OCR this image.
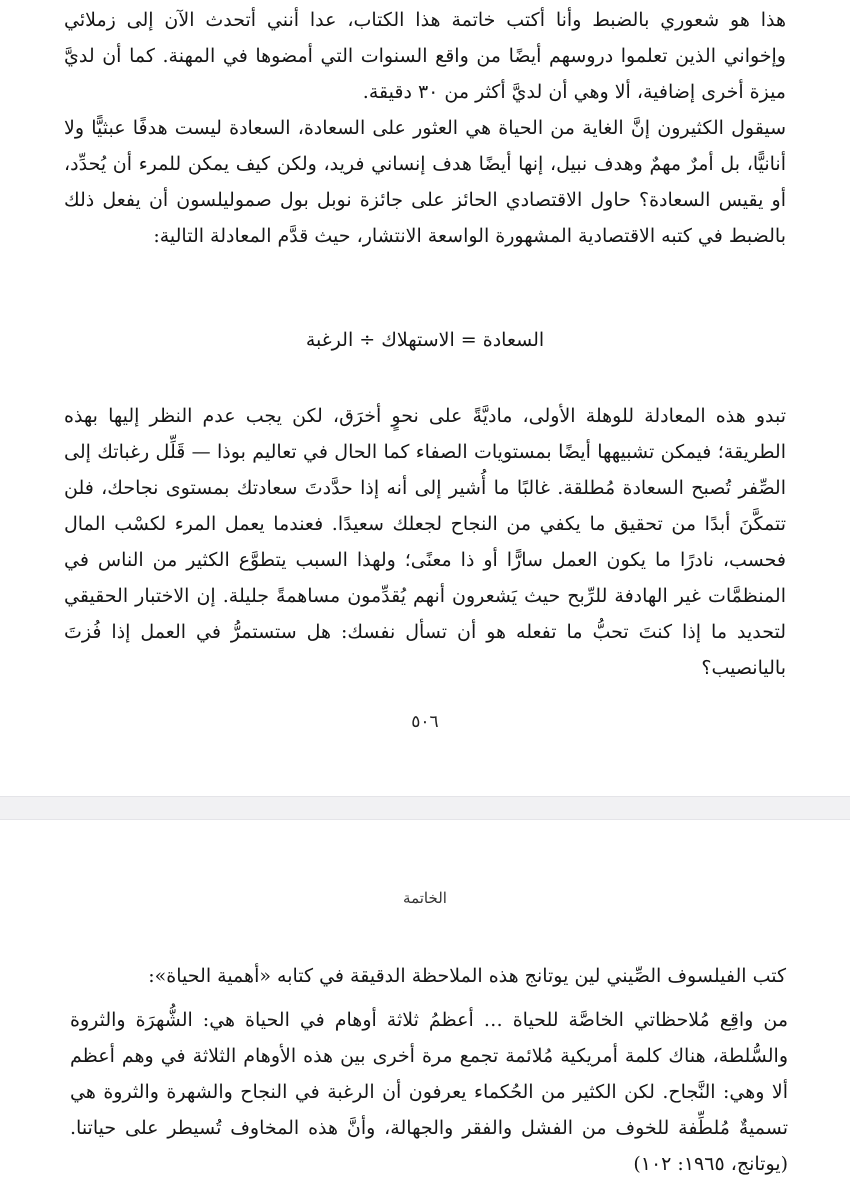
هذا هو شعوري بالضبط وأنا أكتب خاتمة هذا الكتاب، عدا أنني أتحدث الآن إلى زملائي وإخواني الذين تعلموا دروسهم أيضًا من واقع السنوات التي أمضوها في المهنة. كما أن لديَّ ميزة أخرى إضافية، ألا وهي أن لديَّ أكثر من ٣٠ دقيقة.

سيقول الكثيرون إنَّ الغاية من الحياة هي العثور على السعادة، السعادة ليست هدفًا عبثيًّا ولا أنانيًّا، بل أمرٌ مهمٌ وهدف نبيل، إنها أيضًا هدف إنساني فريد، ولكن كيف يمكن للمرء أن يُحدِّد، أو يقيس السعادة؟ حاول الاقتصادي الحائز على جائزة نوبل بول صموليلسون أن يفعل ذلك بالضبط في كتبه الاقتصادية المشهورة الواسعة الانتشار، حيث قدَّم المعادلة التالية:

السعادة = الاستهلاك ÷ الرغبة

تبدو هذه المعادلة للوهلة الأولى، ماديَّةً على نحوٍ أخرَق، لكن يجب عدم النظر إليها بهذه الطريقة؛ فيمكن تشبيهها أيضًا بمستويات الصفاء كما الحال في تعاليم بوذا — قَلِّل رغباتك إلى الصِّفر تُصبح السعادة مُطلقة. غالبًا ما أُشير إلى أنه إذا حدَّدتَ سعادتك بمستوى نجاحك، فلن تتمكَّنَ أبدًا من تحقيق ما يكفي من النجاح لجعلك سعيدًا. فعندما يعمل المرء لكسْب المال فحسب، نادرًا ما يكون العمل سارًّا أو ذا معنًى؛ ولهذا السبب يتطوَّع الكثير من الناس في المنظمَّات غير الهادفة للرِّبح حيث يَشعرون أنهم يُقدِّمون مساهمةً جليلة. إن الاختبار الحقيقي لتحديد ما إذا كنتَ تحبُّ ما تفعله هو أن تسأل نفسك: هل ستستمرُّ في العمل إذا فُزتَ باليانصيب؟

٥٠٦
الخاتمة

كتب الفيلسوف الصِّيني لين يوتانج هذه الملاحظة الدقيقة في كتابه «أهمية الحياة»:

من واقِع مُلاحظاتي الخاصَّة للحياة … أعظمُ ثلاثة أوهام في الحياة هي: الشُّهرَة والثروة والسُّلطة، هناك كلمة أمريكية مُلائمة تجمع مرة أخرى بين هذه الأوهام الثلاثة في وهم أعظم ألا وهي: النَّجاح. لكن الكثير من الحُكماء يعرفون أن الرغبة في النجاح والشهرة والثروة هي تسميةٌ مُلطِّفة للخوف من الفشل والفقر والجهالة، وأنَّ هذه المخاوف تُسيطر على حياتنا. (يوتانج، ١٩٦٥: ١٠٢)
